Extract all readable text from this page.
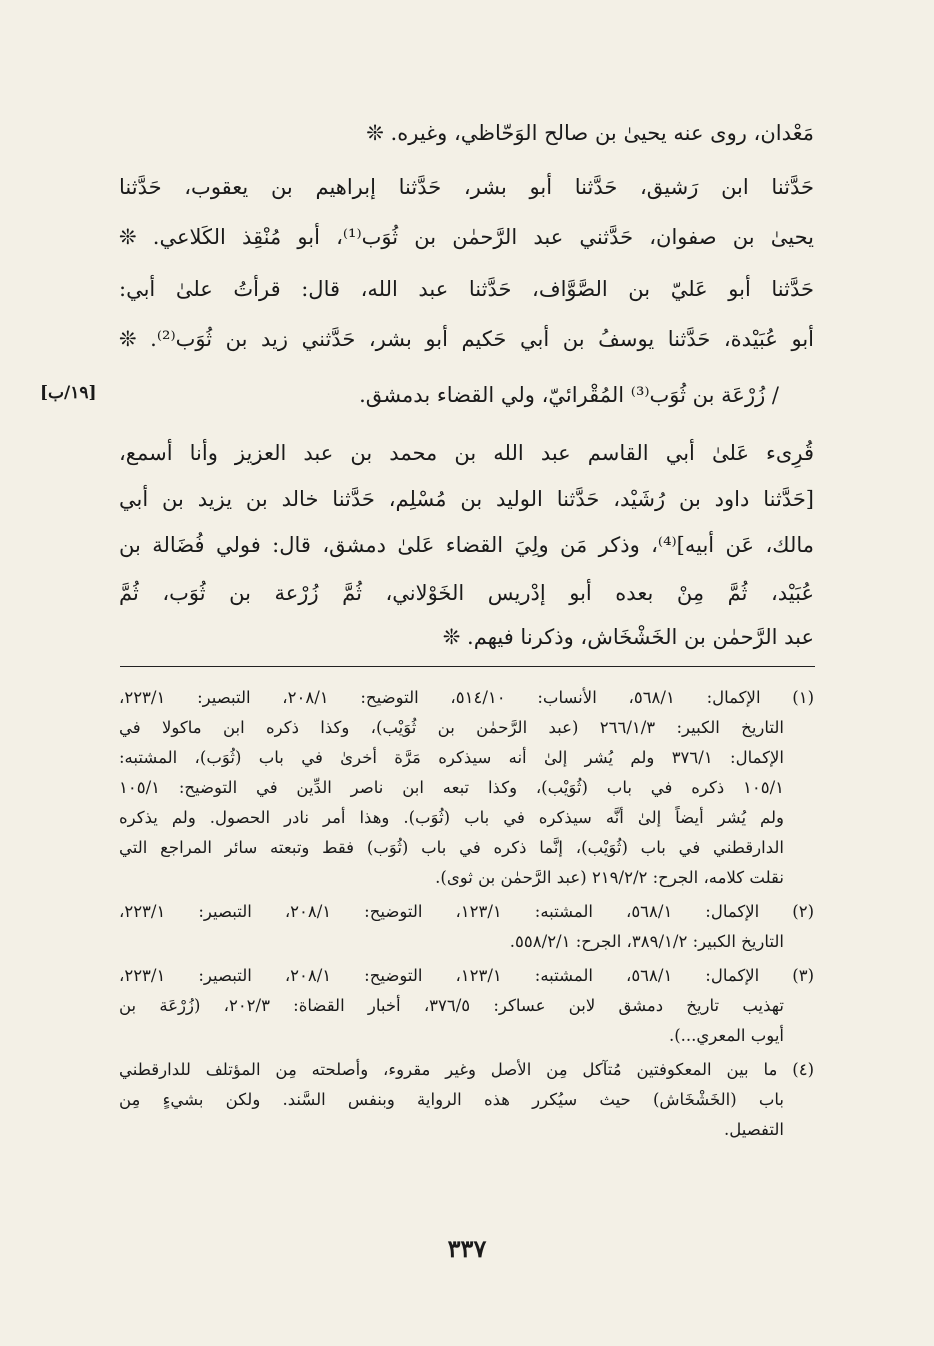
مَعْدان، روى عنه يحيىٰ بن صالح الوَحّاظي، وغيره. ❊
حَدَّثنا ابن رَشيق، حَدَّثنا أبو بشر، حَدَّثنا إبراهيم بن يعقوب، حَدَّثنا
يحيىٰ بن صفوان، حَدَّثني عبد الرَّحمٰن بن ثُوَب⁽¹⁾، أبو مُنْقِذ الكَلاعي. ❊
حَدَّثنا أبو عَليّ بن الصَّوَّاف، حَدَّثنا عبد الله، قال: قرأتُ علىٰ أبي:
أبو عُبَيْدة، حَدَّثنا يوسفُ بن أبي حَكيم أبو بشر، حَدَّثني زيد بن ثُوَب⁽²⁾. ❊
/ زُرْعَة بن ثُوَب⁽³⁾ المُقْرائيّ، ولي القضاء بدمشق.
[١٩/ب]
قُرِىء عَلىٰ أبي القاسم عبد الله بن محمد بن عبد العزيز وأنا أسمع،
[حَدَّثنا داود بن رُشَيْد، حَدَّثنا الوليد بن مُسْلِم، حَدَّثنا خالد بن يزيد بن أبي
مالك، عَن أبيه]⁽⁴⁾، وذكر مَن ولِيَ القضاء عَلىٰ دمشق، قال: فولي فُضَالة بن
عُبَيْد، ثُمَّ مِنْ بعده أبو إدْريس الخَوْلاني، ثُمَّ زُرْعة بن ثُوَب، ثُمَّ
عبد الرَّحمٰن بن الخَشْخَاش، وذكرنا فيهم. ❊
(١) الإكمال: ٥٦٨/١، الأنساب: ٥١٤/١٠، التوضيح: ٢٠٨/١، التبصير: ٢٢٣/١،
التاريخ الكبير: ٢٦٦/١/٣ (عبد الرَّحمٰن بن ثُوَيْب)، وكذا ذكره ابن ماكولا في
الإكمال: ٣٧٦/١ ولم يُشر إلىٰ أنه سيذكره مَرَّة أخرىٰ في باب (ثُوَب)، المشتبه:
١٠٥/١ ذكره في باب (ثُوَيْب)، وكذا تبعه ابن ناصر الدِّين في التوضيح: ١٠٥/١
ولم يُشر أيضاً إلىٰ أنَّه سيذكره في باب (ثُوَب). وهذا أمر نادر الحصول. ولم يذكره
الدارقطني في باب (ثُوَيْب)، إنَّما ذكره في باب (ثُوَب) فقط وتبعته سائر المراجع التي
نقلت كلامه، الجرح: ٢١٩/٢/٢ (عبد الرَّحمٰن بن ثوى).
(٢) الإكمال: ٥٦٨/١، المشتبه: ١٢٣/١، التوضيح: ٢٠٨/١، التبصير: ٢٢٣/١،
التاريخ الكبير: ٣٨٩/١/٢، الجرح: ٥٥٨/٢/١.
(٣) الإكمال: ٥٦٨/١، المشتبه: ١٢٣/١، التوضيح: ٢٠٨/١، التبصير: ٢٢٣/١،
تهذيب تاريخ دمشق لابن عساكر: ٣٧٦/٥، أخبار القضاة: ٢٠٢/٣، (زُرْعَة بن
أيوب المعري...).
(٤) ما بين المعكوفتين مُتآكل مِن الأصل وغير مقروء، وأصلحته مِن المؤتلف للدارقطني
باب (الخَشْخَاش) حيث سيُكرر هذه الرواية وبنفس السَّند. ولكن بشيءٍ مِن
التفصيل.
٣٣٧
